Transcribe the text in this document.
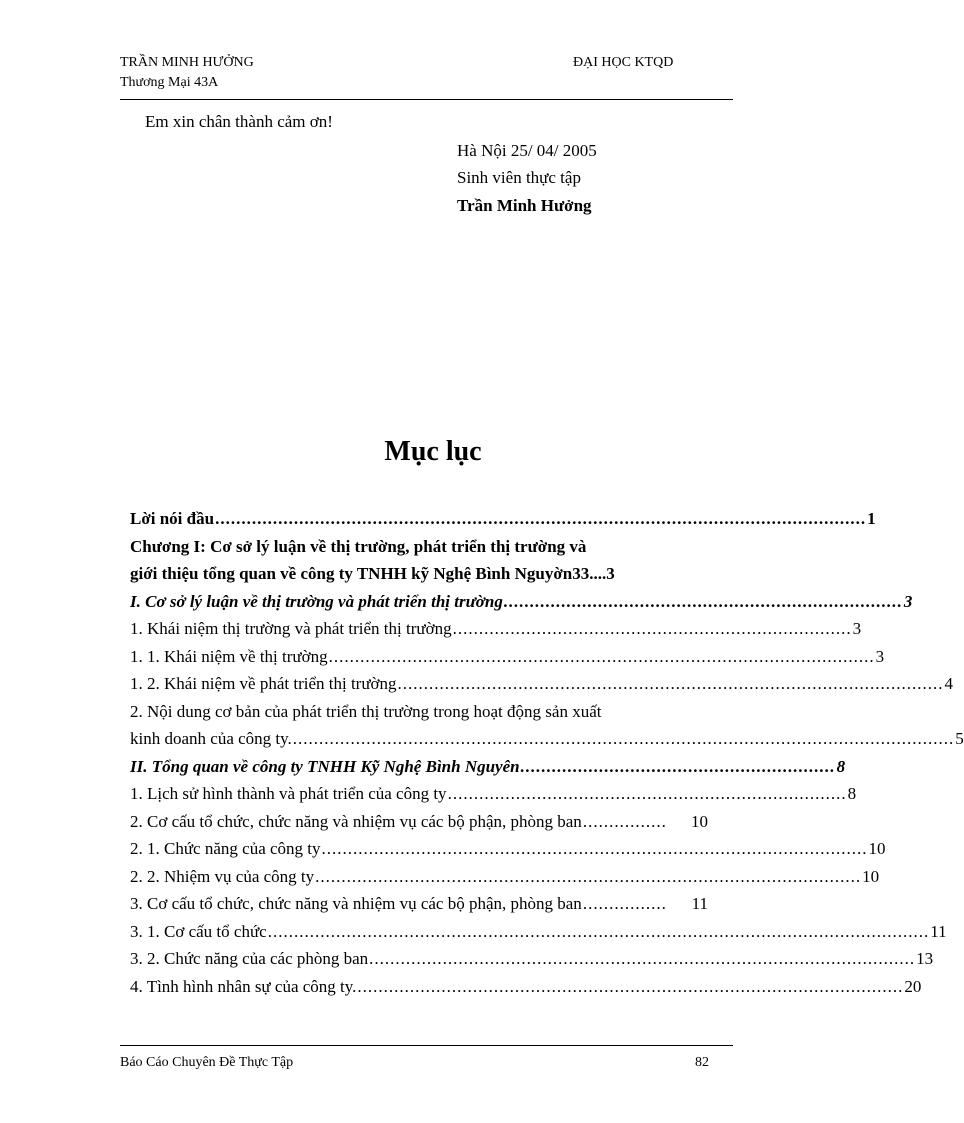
TRẦN MINH HƯỞNG
Thương Mại 43A
ĐẠI HỌC KTQD
Em xin chân thành cảm ơn!
Hà Nội 25/ 04/ 2005
Sinh viên thực tập
Trần Minh Hưởng
Mục lục
Lời nói đầu ............................................................................................................................ 1
Chương I: Cơ sở lý luận về thị trường, phát triển thị trường và
giới thiệu tổng quan về công ty TNHH kỹ Nghệ Bình Nguyờn 33....3
I. Cơ sở lý luận về thị trường và phát triển thị trường ............................................................................ 3
1. Khái niệm thị trường và phát triển thị trường ............................................................................ 3
1. 1. Khái niệm về thị trường ........................................................................................................ 3
1. 2. Khái niệm về phát triển thị trường ........................................................................................................ 4
2. Nội dung cơ bản của phát triển thị trường trong hoạt động sản xuất
kinh doanh của công ty. .............................................................................................................................. 5
II. Tổng quan về công ty TNHH Kỹ Nghệ Bình Nguyên ............................................................ 8
1. Lịch sử hình thành và phát triển của công ty ............................................................................ 8
2. Cơ cấu tổ chức, chức năng và nhiệm vụ các bộ phận, phòng ban ................	10
2. 1. Chức năng của công ty ........................................................................................................ 10
2. 2. Nhiệm vụ của công ty ........................................................................................................ 10
3. Cơ cấu tổ chức, chức năng và nhiệm vụ các bộ phận, phòng ban ................	11
3. 1. Cơ cấu tổ chức .............................................................................................................................. 11
3. 2. Chức năng của các phòng ban ........................................................................................................ 13
4. Tình hình nhân sự của công ty. ........................................................................................................ 20
Báo Cáo Chuyên Đề Thực Tập	82
